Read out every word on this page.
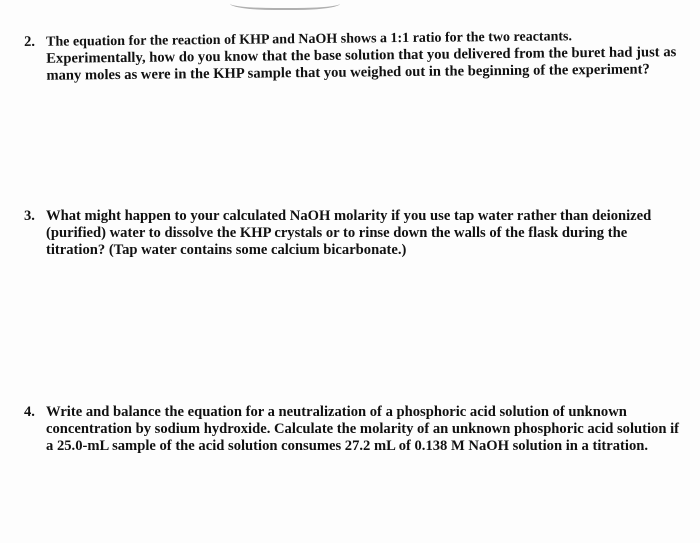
2. The equation for the reaction of KHP and NaOH shows a 1:1 ratio for the two reactants.
Experimentally, how do you know that the base solution that you delivered from the buret had just as
many moles as were in the KHP sample that you weighed out in the beginning of the experiment?
3. What might happen to your calculated NaOH molarity if you use tap water rather than deionized
(purified) water to dissolve the KHP crystals or to rinse down the walls of the flask during the
titration? (Tap water contains some calcium bicarbonate.)
4. Write and balance the equation for a neutralization of a phosphoric acid solution of unknown
concentration by sodium hydroxide. Calculate the molarity of an unknown phosphoric acid solution if
a 25.0-mL sample of the acid solution consumes 27.2 mL of 0.138 M NaOH solution in a titration.
